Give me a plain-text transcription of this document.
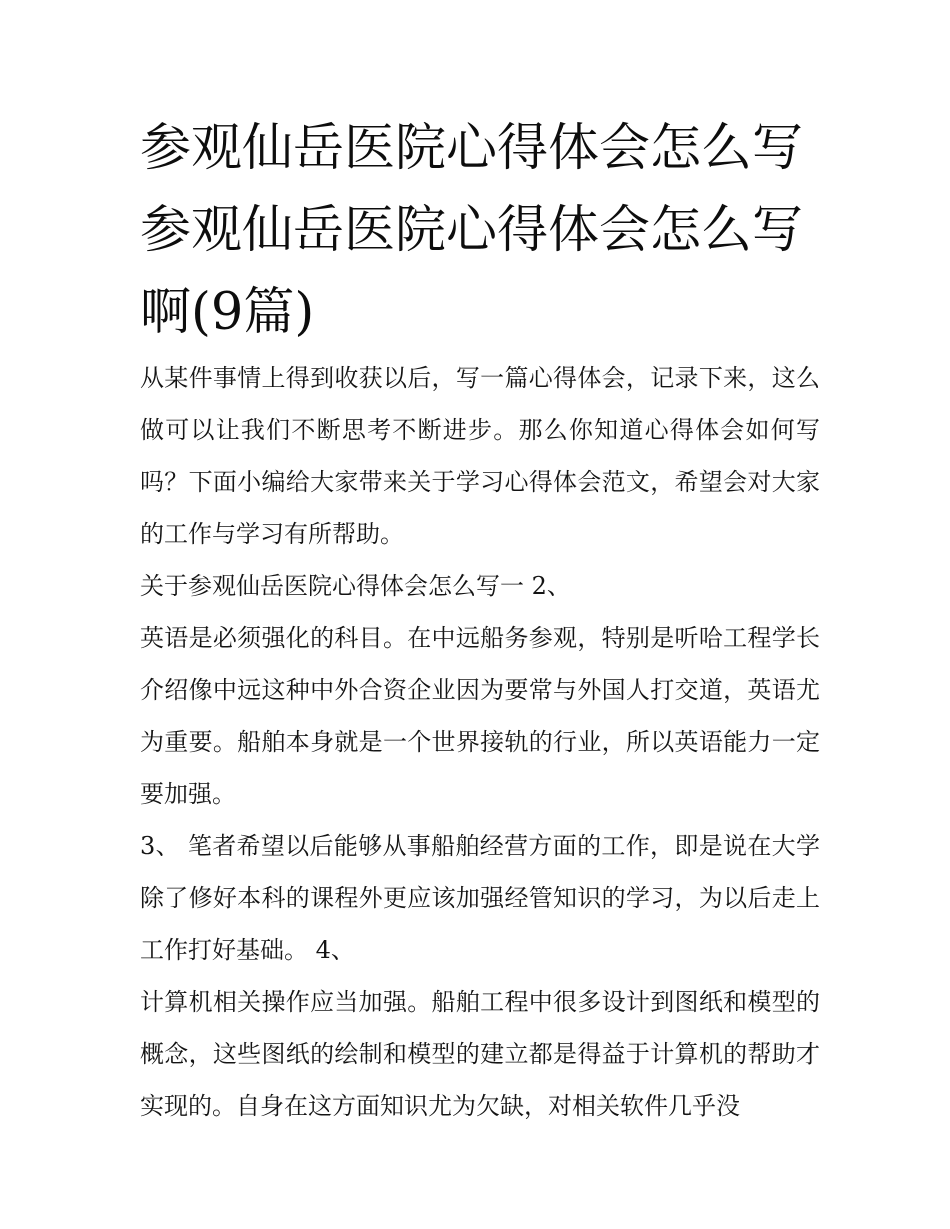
参观仙岳医院心得体会怎么写参观仙岳医院心得体会怎么写啊(9篇)

从某件事情上得到收获以后，写一篇心得体会，记录下来，这么做可以让我们不断思考不断进步。那么你知道心得体会如何写吗？下面小编给大家带来关于学习心得体会范文，希望会对大家的工作与学习有所帮助。

关于参观仙岳医院心得体会怎么写一 2、

英语是必须强化的科目。在中远船务参观，特别是听哈工程学长介绍像中远这种中外合资企业因为要常与外国人打交道，英语尤为重要。船舶本身就是一个世界接轨的行业，所以英语能力一定要加强。

3、 笔者希望以后能够从事船舶经营方面的工作，即是说在大学除了修好本科的课程外更应该加强经管知识的学习，为以后走上工作打好基础。 4、

计算机相关操作应当加强。船舶工程中很多设计到图纸和模型的概念，这些图纸的绘制和模型的建立都是得益于计算机的帮助才实现的。自身在这方面知识尤为欠缺，对相关软件几乎没
